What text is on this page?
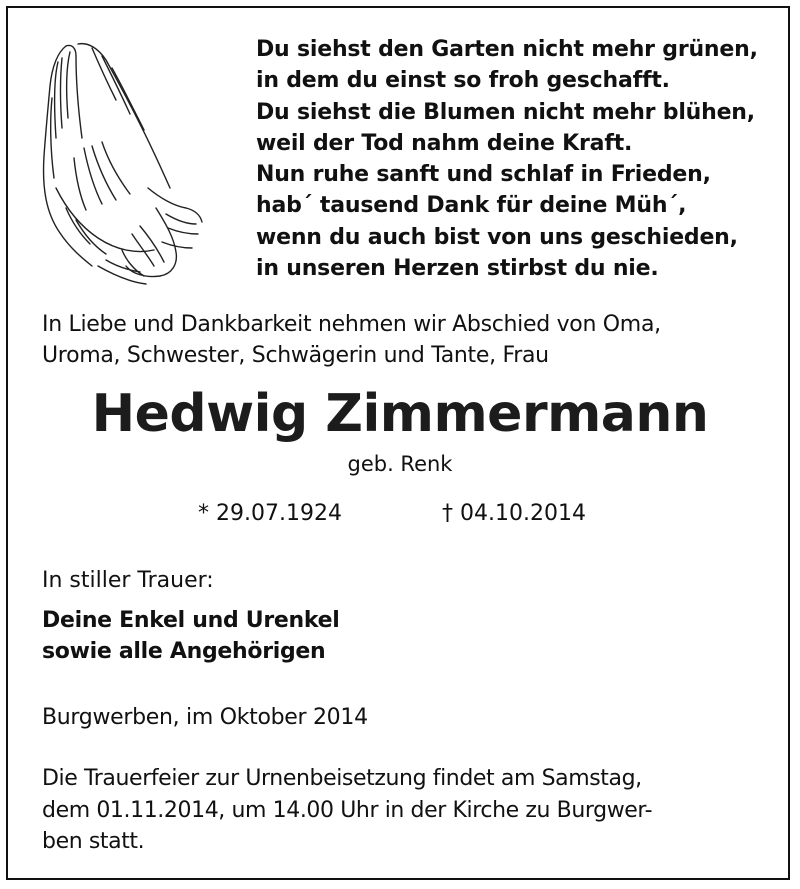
Du siehst den Garten nicht mehr grünen,
in dem du einst so froh geschafft.
Du siehst die Blumen nicht mehr blühen,
weil der Tod nahm deine Kraft.
Nun ruhe sanft und schlaf in Frieden,
hab´ tausend Dank für deine Müh´,
wenn du auch bist von uns geschieden,
in unseren Herzen stirbst du nie.
In Liebe und Dankbarkeit nehmen wir Abschied von Oma,
Uroma, Schwester, Schwägerin und Tante, Frau
Hedwig Zimmermann
geb. Renk
* 29.07.1924	† 04.10.2014
In stiller Trauer:
Deine Enkel und Urenkel
sowie alle Angehörigen
Burgwerben, im Oktober 2014
Die Trauerfeier zur Urnenbeisetzung findet am Samstag,
dem 01.11.2014, um 14.00 Uhr in der Kirche zu Burgwer-
ben statt.
